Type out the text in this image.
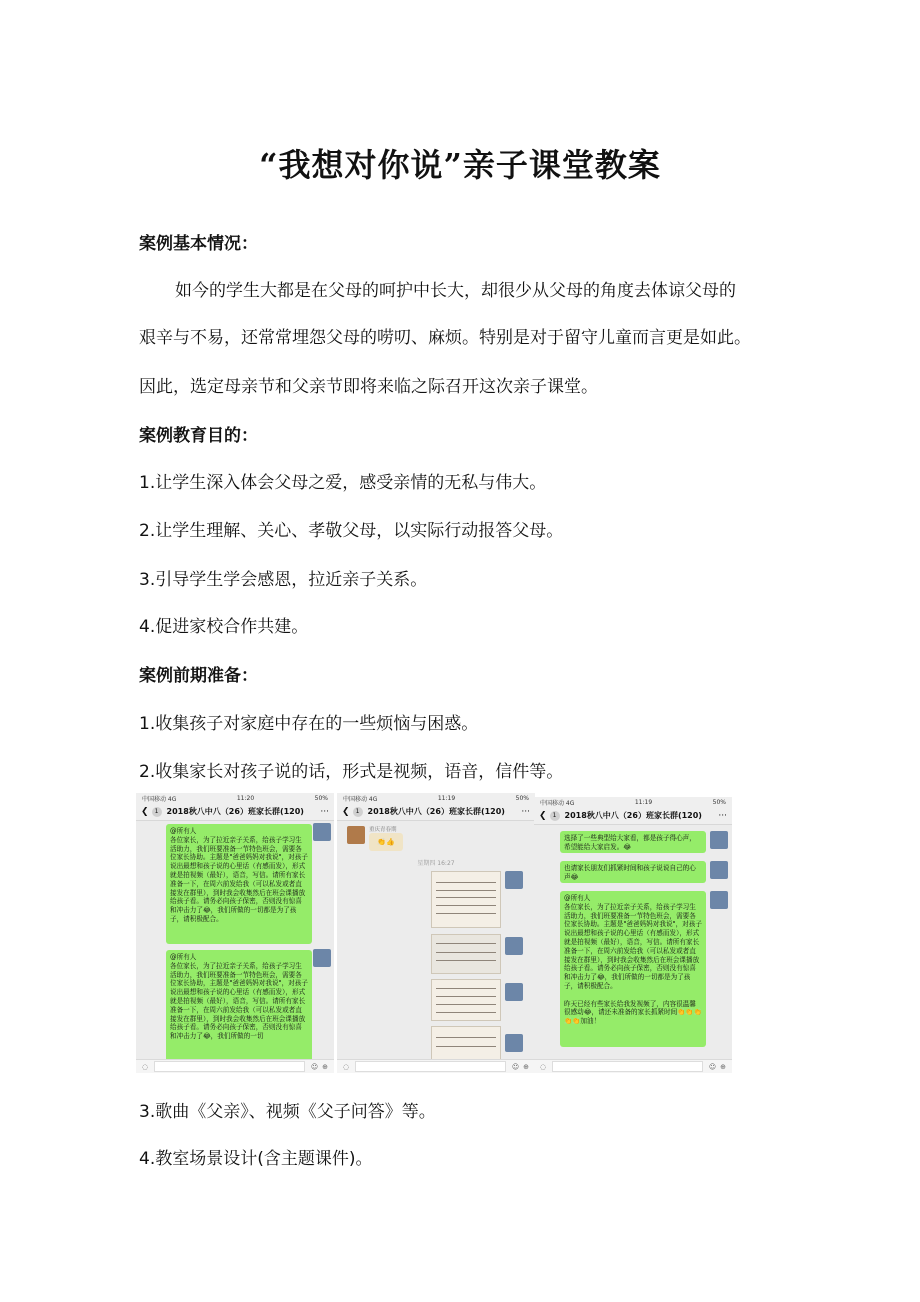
“我想对你说”亲子课堂教案
案例基本情况：
如今的学生大都是在父母的呵护中长大，却很少从父母的角度去体谅父母的
艰辛与不易，还常常埋怨父母的唠叨、麻烦。特别是对于留守儿童而言更是如此。
因此，选定母亲节和父亲节即将来临之际召开这次亲子课堂。
案例教育目的：
1.让学生深入体会父母之爱，感受亲情的无私与伟大。
2.让学生理解、关心、孝敬父母，以实际行动报答父母。
3.引导学生学会感恩，拉近亲子关系。
4.促进家校合作共建。
案例前期准备：
1.收集孩子对家庭中存在的一些烦恼与困惑。
2.收集家长对孩子说的话，形式是视频，语音，信件等。
中国移动 4G	11:20	50%
❮	1	2018秋八中八（26）班家长群(120)	···
@所有人
各位家长，为了拉近亲子关系，给孩子学习生活助力，我们班要准备一节特色班会，需要各位家长协助。主题是"爸爸妈妈对我说"，对孩子说出最想和孩子说的心里话（有感而发），形式就是拍视频（最好），语音，写信。请所有家长准备一下，在周六前发给我（可以私发或者直接发在群里），到时我会收集然后在班会课播放给孩子看。请务必向孩子保密，否则没有惊喜和冲击力了😂，我们所做的一切都是为了孩子，请积极配合。
@所有人
各位家长，为了拉近亲子关系，给孩子学习生活助力，我们班要准备一节特色班会，需要各位家长协助，主题是"爸爸妈妈对我说"，对孩子说出最想和孩子说的心里话（有感而发），形式就是拍视频（最好），语音，写信。请所有家长准备一下，在周六前发给我（可以私发或者直接发在群里），到时我会收集然后在班会课播放给孩子看。请务必向孩子保密，否则没有惊喜和冲击力了😂，我们所做的一切
◌	☺ ⊕
中国移动 4G	11:19	50%
❮	1	2018秋八中八（26）班家长群(120)	···
重庆青春期
👏👍
星期四 16:27
◌	☺ ⊕
中国移动 4G	11:19	50%
❮	1	2018秋八中八（26）班家长群(120)	···
选择了一些典型给大家看，都是孩子得心声，希望能给大家启发。😂
也请家长朋友们抓紧时间和孩子说说自己的心声😂
@所有人
各位家长，为了拉近亲子关系，给孩子学习生活助力，我们班要准备一节特色班会，需要各位家长协助。主题是"爸爸妈妈对我说"，对孩子说出最想和孩子说的心里话（有感而发），形式就是拍视频（最好），语音，写信。请所有家长准备一下，在周六前发给我（可以私发或者直接发在群里），到时我会收集然后在班会课播放给孩子看。请务必向孩子保密，否则没有惊喜和冲击力了😂，我们所做的一切都是为了孩子，请积极配合。

昨天已经有些家长给我发视频了，内容很温馨很感动😂，请还未准备的家长抓紧时间👏👏👏👏👏加油！
◌	☺ ⊕
3.歌曲《父亲》、视频《父子问答》等。
4.教室场景设计(含主题课件)。
